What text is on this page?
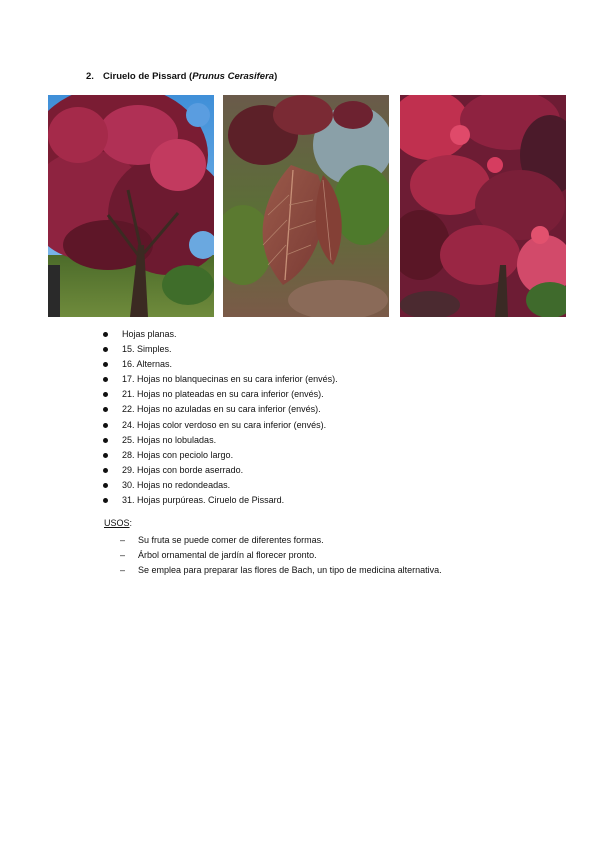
2. Ciruelo de Pissard (Prunus Cerasifera)
Hojas planas.
15. Simples.
16. Alternas.
17. Hojas no blanquecinas en su cara inferior (envés).
21. Hojas no plateadas en su cara inferior (envés).
22. Hojas no azuladas en su cara inferior (envés).
24. Hojas color verdoso en su cara inferior (envés).
25. Hojas no lobuladas.
28. Hojas con peciolo largo.
29. Hojas con borde aserrado.
30. Hojas no redondeadas.
31. Hojas purpúreas. Ciruelo de Pissard.
USOS:
– Su fruta se puede comer de diferentes formas.
– Árbol ornamental de jardín al florecer pronto.
– Se emplea para preparar las flores de Bach, un tipo de medicina alternativa.
